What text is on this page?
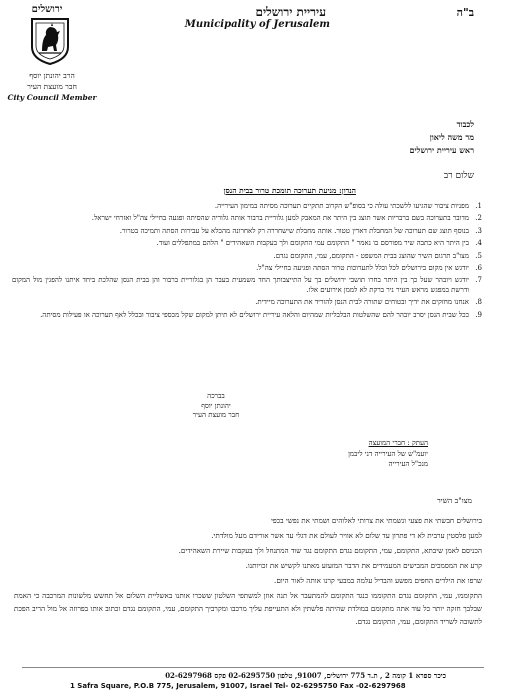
ב"ה
עיריית ירושלים
Municipality of Jerusalem
ירושלים
הרב יהונתן יוסף
חבר מועצת העיר
City Council Member
לכבוד
מר משה ליאון
ראש עיריית ירושלים
שלום רב
הנדון: מניעת תערוכה תומכת טרור בבית הנסן
1.
מפניות ציבור שהגיעו ללשכתי עולה כי בסופ"ש הקרוב תתקיים תערוכה מסיתה במימון העירייה.
2.
מדובר בתערוכה בשם ברבריות אשר תוצג בין היתר את המאבק למען גלוריית ברבור אותה גלוריה שהסיתה ופגעה בחיילי צה"ל ואזרחי ישראל.
3.
בנוסף תוצג שם תערוכה של המחבלת דארין טטור. אותה מחבלת שישחררה רק לאחרונה מהכלא על עבירות הסתה ותמיכה בטרור.
4.
בין היתר היא כתבה שיר מפורסם בו נאמר " התקומם עמי התקומם ולך בעקבות השאהידים " הלהם במתפללים ועוד.
5.
מצו"ב תרגום השיר שהוצג בבית המשפט - התקומם, עמי, התקומם נגדם.
6.
יודגש אין מקום בירושלים לכל וכלל לתערוכות טרור הסתה ופגיעה בחיילי צה"ל.
7.
יודגש ויובהר שעל כך בין היתר בחרו תושבי ירושלים בך על התייצבותך החד משמעית בעבר הן בגלוריית ברבור והן בבית הנסן שהלכת ביחד איתנו להפגין מול המקום ודרשת במפגש מראש העיר ניר ברקת לא לממן אירועים אלו.
8.
אנחנו מחזקים את ידיך ובטוחים שתורה לבית הנסן להוריד את התערוכה מיידית.
9.
ככל שבית הנסן יסרב יובהר להם שהשלטות הבלבליות שמהיום והלאה עיריית ירושלים לא תיתן למקום שקל מכספי ציבור ובכלל לאף תערוכה או פעילות מסיתה.
בברכה
יהונתן יוסף
חבר מועצת העיר
העתק : חברי המועצה
יועמ"ש של העירייה דני ליבמן
מנכ"ל העירייה
מצו"ב השיר

בירושלים חבשתי את פצעי ונשמתי את צרותי לאלוהים ושמתי את נפשי בכפי

למען פלסטין ערבית לא די פתרון עד שלום לא אוויר לעולם את דגלי עד אשר אורידם מעל מולדתי.

הכניסם לאמן שיבתא, התקומם, עמי, התקומם נגדם התקומם נגד שוד המתנחל ולך בעקבות שיירת השאהידים.

קרע את המסמכים המבישים המעמידים את הדבר המזעזע מאתנו לקשיש את זכויותנו.

שרפו את הילדים החפים מפשע והבדיל עלמה במבעי קרנו אותה לאור היום.

התקוממו, עמי, התקומם נגדם התקוממו כנגד התקומם להמתעבר אל תנה אוזן למשתפי השלטון ששכרו אותנו באשליית השלום אל תחשש מלשונות המרכבה כי האמת שבלבך חזקה יותר כל עוד אתה מתקומם במולדת שהיתה פלשתין ולא התעייפת עליך מרכבו ומקרביך התקומם, עמי, התקומם נגדם וכתוב אותו בפרוזה אל מול הריב הפכת לתשובה לשריד התקומם, עמי, התקומם נגדם.

כיכר ספרא 1 קומה 2 , ת.ד 775 ירושלים, 91007, טלפון 02-6295750 פקס 02-6297968
1 Safra Square, P.O.B 775, Jerusalem, 91007, Israel Tel- 02-6295750 Fax -02-6297968
